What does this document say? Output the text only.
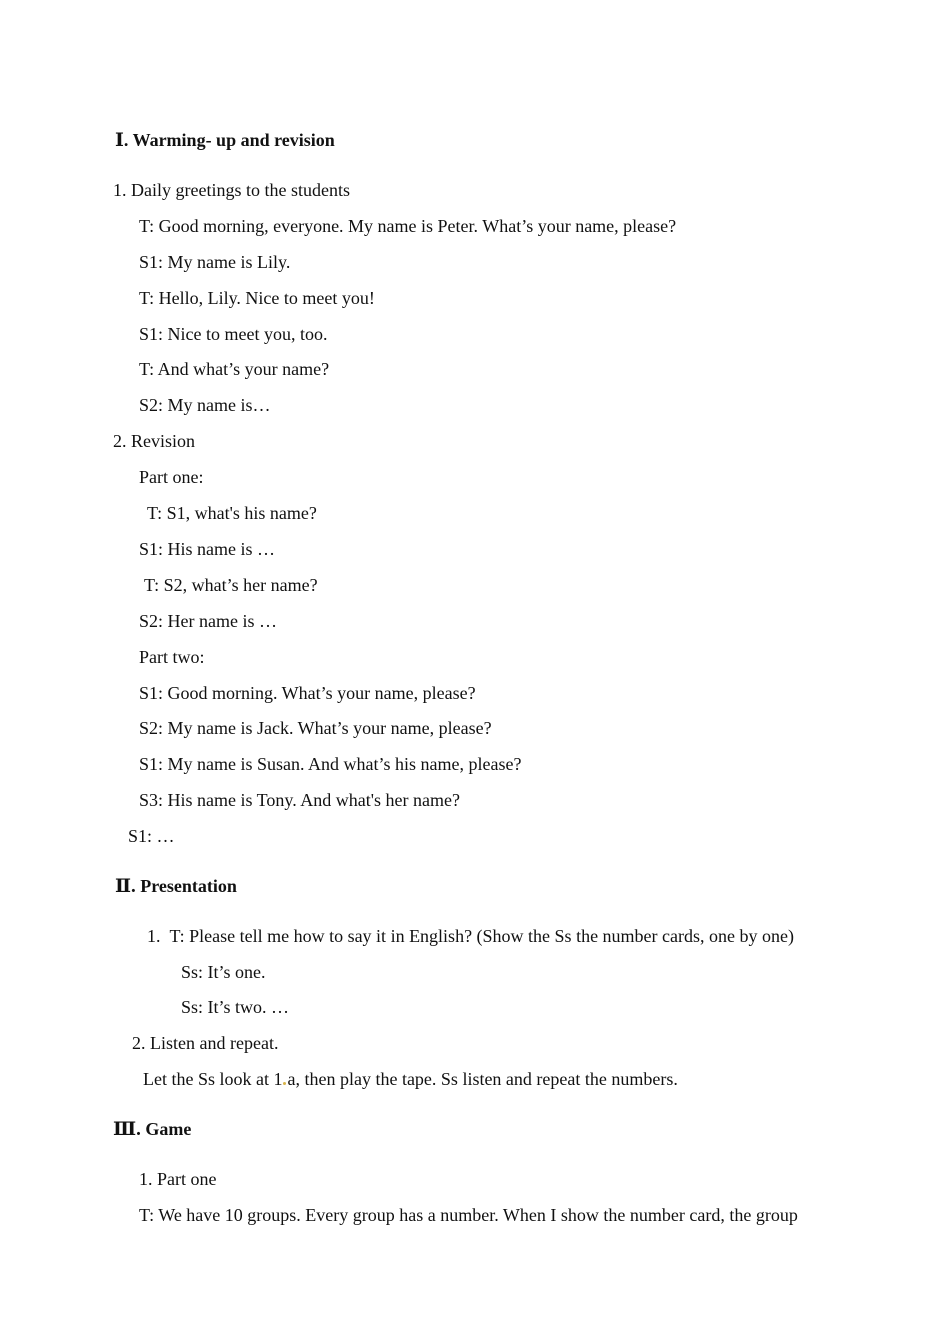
Ⅰ. Warming- up and revision
1. Daily greetings to the students
T: Good morning, everyone. My name is Peter. What’s your name, please?
S1: My name is Lily.
T: Hello, Lily. Nice to meet you!
S1: Nice to meet you, too.
T: And what’s your name?
S2: My name is…
2. Revision
Part one:
T: S1, what's his name?
S1: His name is …
T: S2, what’s her name?
S2: Her name is …
Part two:
S1: Good morning. What’s your name, please?
S2: My name is Jack. What’s your name, please?
S1: My name is Susan. And what’s his name, please?
S3: His name is Tony. And what's her name?
S1: …
Ⅱ. Presentation
1. T: Please tell me how to say it in English? (Show the Ss the number cards, one by one)
Ss: It’s one.
Ss: It’s two. …
2. Listen and repeat.
Let the Ss look at 1 a, then play the tape. Ss listen and repeat the numbers.
Ⅲ. Game
1. Part one
T: We have 10 groups. Every group has a number. When I show the number card, the group
